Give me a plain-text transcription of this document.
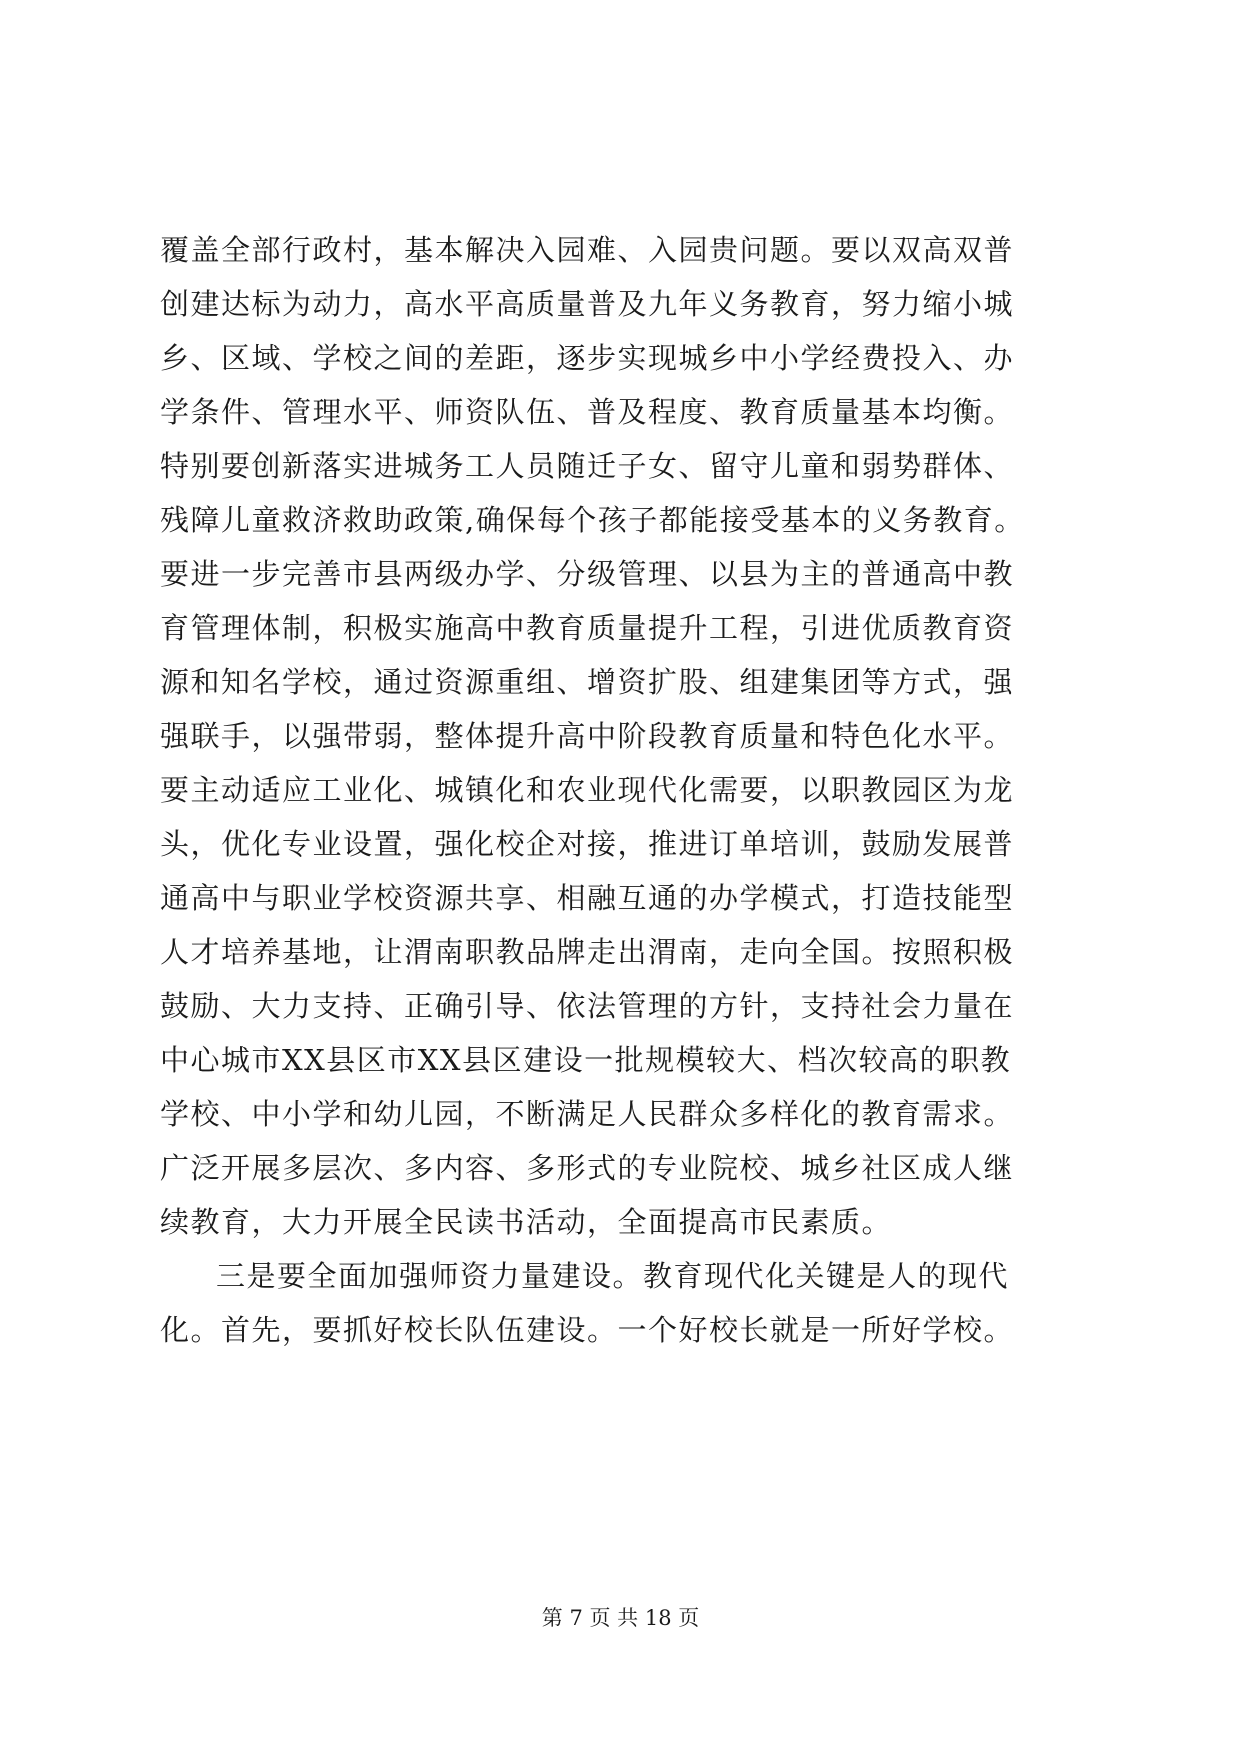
覆盖全部行政村，基本解决入园难、入园贵问题。要以双高双普
创建达标为动力，高水平高质量普及九年义务教育，努力缩小城
乡、区域、学校之间的差距，逐步实现城乡中小学经费投入、办
学条件、管理水平、师资队伍、普及程度、教育质量基本均衡。
特别要创新落实进城务工人员随迁子女、留守儿童和弱势群体、
残障儿童救济救助政策,确保每个孩子都能接受基本的义务教育。
要进一步完善市县两级办学、分级管理、以县为主的普通高中教
育管理体制，积极实施高中教育质量提升工程，引进优质教育资
源和知名学校，通过资源重组、增资扩股、组建集团等方式，强
强联手，以强带弱，整体提升高中阶段教育质量和特色化水平。
要主动适应工业化、城镇化和农业现代化需要，以职教园区为龙
头，优化专业设置，强化校企对接，推进订单培训，鼓励发展普
通高中与职业学校资源共享、相融互通的办学模式，打造技能型
人才培养基地，让渭南职教品牌走出渭南，走向全国。按照积极
鼓励、大力支持、正确引导、依法管理的方针，支持社会力量在
中心城市XX县区市XX县区建设一批规模较大、档次较高的职教
学校、中小学和幼儿园，不断满足人民群众多样化的教育需求。
广泛开展多层次、多内容、多形式的专业院校、城乡社区成人继
续教育，大力开展全民读书活动，全面提高市民素质。
三是要全面加强师资力量建设。教育现代化关键是人的现代
化。首先，要抓好校长队伍建设。一个好校长就是一所好学校。
第 7 页 共 18 页
